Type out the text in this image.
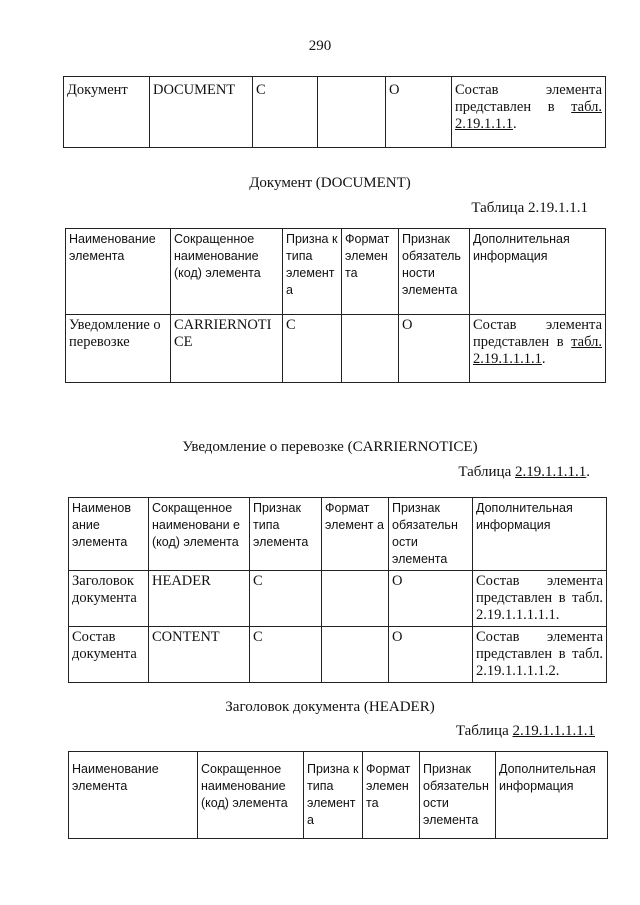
290
Документ	DOCUMENT	С		О	Состав элемента представлен в табл. 2.19.1.1.1.
Документ (DOCUMENT)
Таблица 2.19.1.1.1
Наименование элемента	Сокращенное наименование (код) элемента	Призна к типа элемент а	Формат элемен та	Признак обязатель ности элемента	Дополнительная информация
Уведомление о перевозке	CARRIERNOTI CE	С		О	Состав элемента представлен в табл. 2.19.1.1.1.1.
Уведомление о перевозке (CARRIERNOTICE)
Таблица 2.19.1.1.1.1.
Наименов ание элемента	Сокращенное наименовани е (код) элемента	Признак типа элемента	Формат элемент а	Признак обязательн ости элемента	Дополнительная информация
Заголовок документа	HEADER	С		О	Состав элемента представлен в табл. 2.19.1.1.1.1.1.
Состав документа	CONTENT	С		О	Состав элемента представлен в табл. 2.19.1.1.1.1.2.
Заголовок документа (HEADER)
Таблица 2.19.1.1.1.1.1
Наименование элемента	Сокращенное наименование (код) элемента	Призна к типа элемент а	Формат элемен та	Признак обязательн ости элемента	Дополнительная информация
